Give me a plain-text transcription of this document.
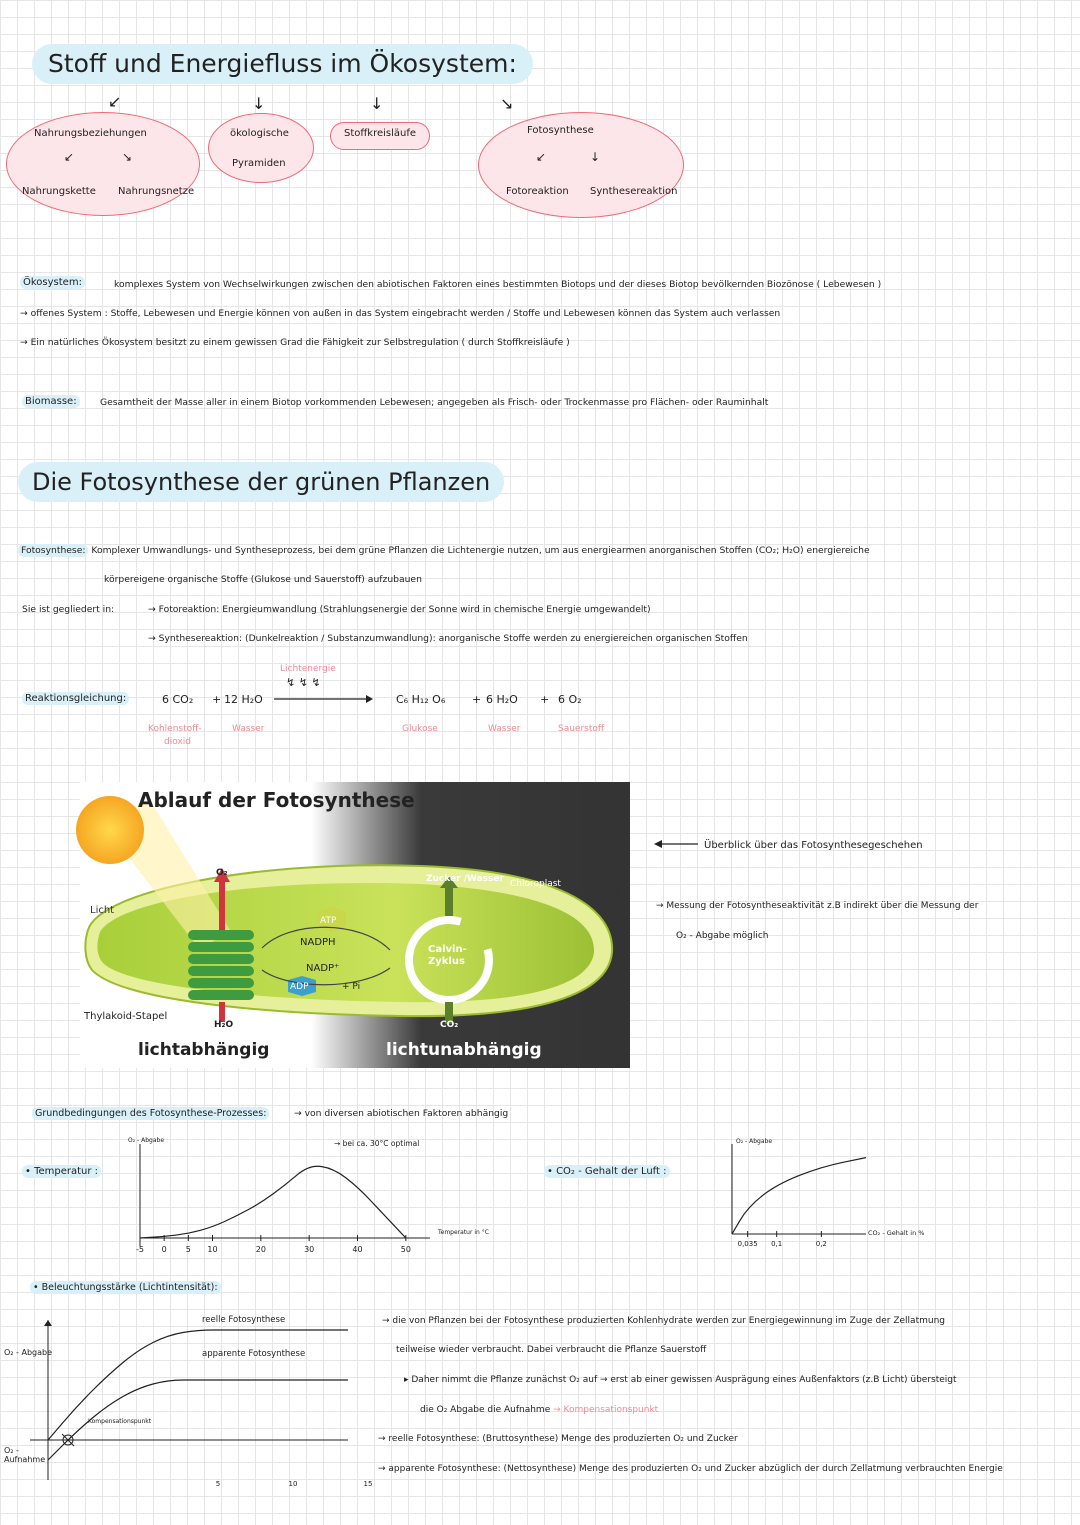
Stoff und Energiefluss im Ökosystem:
↙	↓	↓	↘
Nahrungsbeziehungen
↙	↘
Nahrungskette Nahrungsnetze
ökologische
Pyramiden
Stoffkreisläufe	Fotosynthese
↙	↓
Fotoreaktion Synthesereaktion
Ökosystem:	komplexes System von Wechselwirkungen zwischen den abiotischen Faktoren eines bestimmten Biotops und der dieses Biotop bevölkernden Biozönose ( Lebewesen )
→ offenes System : Stoffe, Lebewesen und Energie können von außen in das System eingebracht werden / Stoffe und Lebewesen können das System auch verlassen
→ Ein natürliches Ökosystem besitzt zu einem gewissen Grad die Fähigkeit zur Selbstregulation ( durch Stoffkreisläufe )
Biomasse:	Gesamtheit der Masse aller in einem Biotop vorkommenden Lebewesen; angegeben als Frisch- oder Trockenmasse pro Flächen- oder Rauminhalt
Die Fotosynthese der grünen Pflanzen
Fotosynthese: Komplexer Umwandlungs- und Syntheseprozess, bei dem grüne Pflanzen die Lichtenergie nutzen, um aus energiearmen anorganischen Stoffen (CO₂; H₂O) energiereiche
körpereigene organische Stoffe (Glukose und Sauerstoff) aufzubauen
Sie ist gegliedert in:	→ Fotoreaktion: Energieumwandlung (Strahlungsenergie der Sonne wird in chemische Energie umgewandelt)
→ Synthesereaktion: (Dunkelreaktion / Substanzumwandlung): anorganische Stoffe werden zu energiereichen organischen Stoffen
Reaktionsgleichung:	6 CO₂ + 12 H₂O
Lichtenergie
↯ ↯ ↯
C₆ H₁₂ O₆ + 6 H₂O + 6 O₂
Kohlenstoff-
dioxid
Wasser	Glukose	Wasser	Sauerstoff
Ablauf der Fotosynthese
Licht
O₂
H₂O
Thylakoid-Stapel
ATP
NADPH
NADP⁺
ADP	+ Pi
Zucker /Wasser Chloroplast
Calvin-
Zyklus
CO₂
lichtabhängig	lichtunabhängig
Überblick über das Fotosynthesegeschehen
→ Messung der Fotosyntheseaktivität z.B indirekt über die Messung der
O₂ - Abgabe möglich
Grundbedingungen des Fotosynthese-Prozesses:	→ von diversen abiotischen Faktoren abhängig
• Temperatur :
O₂ - Abgabe
Temperatur in °C
→ bei ca. 30°C optimal
-5 0 5 10	20	30	40	50
• CO₂ - Gehalt der Luft :
O₂ - Abgabe
CO₂ - Gehalt in %
0,035 0,1	0,2
• Beleuchtungsstärke (Lichtintensität):
O₂ - Abgabe
O₂ - Aufnahme
reelle Fotosynthese
apparente Fotosynthese
Kompensationspunkt
5	10	15
→ die von Pflanzen bei der Fotosynthese produzierten Kohlenhydrate werden zur Energiegewinnung im Zuge der Zellatmung
teilweise wieder verbraucht. Dabei verbraucht die Pflanze Sauerstoff
▸ Daher nimmt die Pflanze zunächst O₂ auf → erst ab einer gewissen Ausprägung eines Außenfaktors (z.B Licht) übersteigt
die O₂ Abgabe die Aufnahme → Kompensationspunkt
→ reelle Fotosynthese: (Bruttosynthese) Menge des produzierten O₂ und Zucker
→ apparente Fotosynthese: (Nettosynthese) Menge des produzierten O₂ und Zucker abzüglich der durch Zellatmung verbrauchten Energie
